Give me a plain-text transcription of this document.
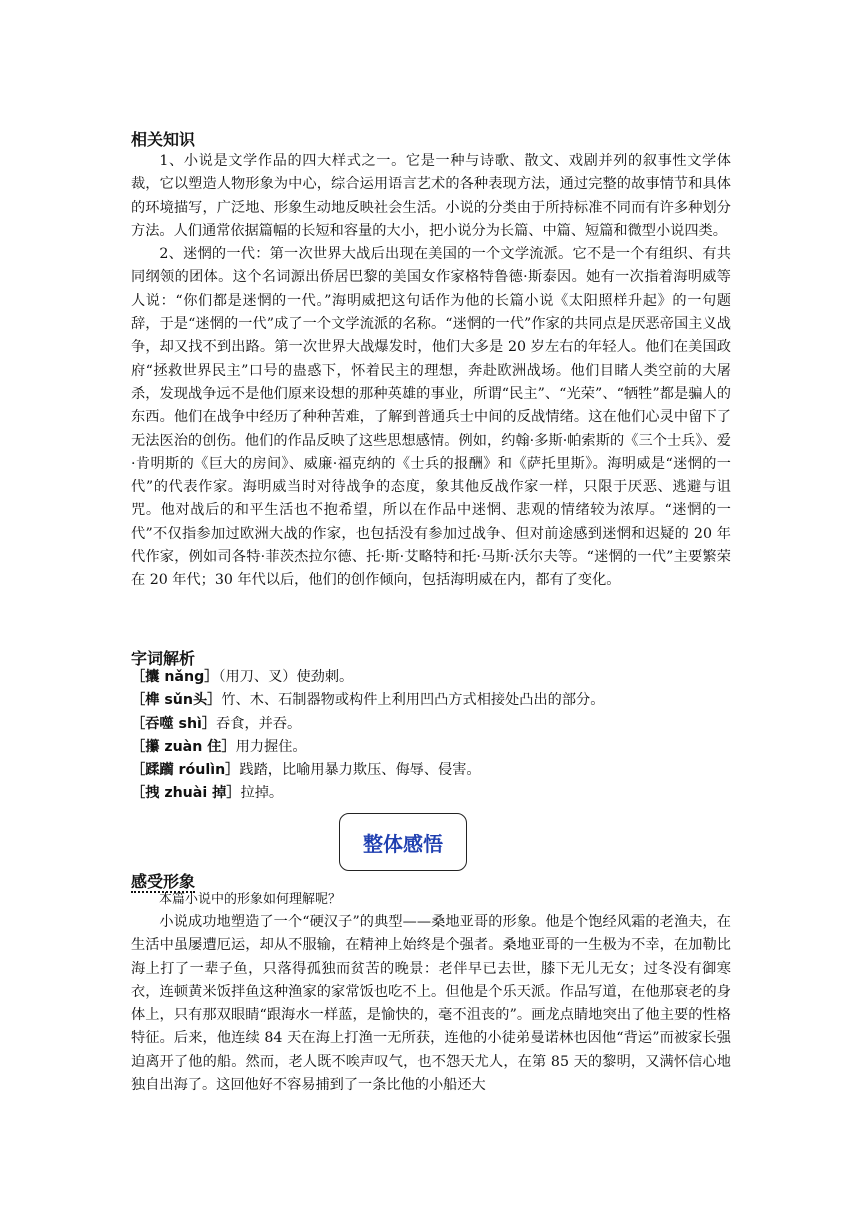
相关知识

1、小说是文学作品的四大样式之一。它是一种与诗歌、散文、戏剧并列的叙事性文学体裁，它以塑造人物形象为中心，综合运用语言艺术的各种表现方法，通过完整的故事情节和具体的环境描写，广泛地、形象生动地反映社会生活。小说的分类由于所持标准不同而有许多种划分方法。人们通常依据篇幅的长短和容量的大小，把小说分为长篇、中篇、短篇和微型小说四类。

2、迷惘的一代：第一次世界大战后出现在美国的一个文学流派。它不是一个有组织、有共同纲领的团体。这个名词源出侨居巴黎的美国女作家格特鲁德·斯泰因。她有一次指着海明威等人说：“你们都是迷惘的一代。”海明威把这句话作为他的长篇小说《太阳照样升起》的一句题辞，于是“迷惘的一代”成了一个文学流派的名称。“迷惘的一代”作家的共同点是厌恶帝国主义战争，却又找不到出路。第一次世界大战爆发时，他们大多是 20 岁左右的年轻人。他们在美国政府“拯救世界民主”口号的蛊惑下，怀着民主的理想，奔赴欧洲战场。他们目睹人类空前的大屠杀，发现战争远不是他们原来设想的那种英雄的事业，所谓“民主”、“光荣”、“牺牲”都是骗人的东西。他们在战争中经历了种种苦难，了解到普通兵士中间的反战情绪。这在他们心灵中留下了无法医治的创伤。他们的作品反映了这些思想感情。例如，约翰·多斯·帕索斯的《三个士兵》、爱·肯明斯的《巨大的房间》、威廉·福克纳的《士兵的报酬》和《萨托里斯》。海明威是“迷惘的一代”的代表作家。海明威当时对待战争的态度，象其他反战作家一样，只限于厌恶、逃避与诅咒。他对战后的和平生活也不抱希望，所以在作品中迷惘、悲观的情绪较为浓厚。“迷惘的一代”不仅指参加过欧洲大战的作家，也包括没有参加过战争、但对前途感到迷惘和迟疑的 20 年代作家，例如司各特·菲茨杰拉尔德、托·斯·艾略特和托·马斯·沃尔夫等。“迷惘的一代”主要繁荣在 20 年代；30 年代以后，他们的创作倾向，包括海明威在内，都有了变化。

字词解析
［攮 nǎng］（用刀、叉）使劲刺。
［榫 sǔn头］竹、木、石制器物或构件上利用凹凸方式相接处凸出的部分。
［吞噬 shì］吞食，并吞。
［攥 zuàn 住］用力握住。
［蹂躏 róulìn］践踏，比喻用暴力欺压、侮辱、侵害。
［拽 zhuài 掉］拉掉。
整体感悟
感受形象
本篇小说中的形象如何理解呢？

小说成功地塑造了一个“硬汉子”的典型——桑地亚哥的形象。他是个饱经风霜的老渔夫，在生活中虽屡遭厄运，却从不服输，在精神上始终是个强者。桑地亚哥的一生极为不幸，在加勒比海上打了一辈子鱼，只落得孤独而贫苦的晚景：老伴早已去世，膝下无儿无女；过冬没有御寒衣，连顿黄米饭拌鱼这种渔家的家常饭也吃不上。但他是个乐天派。作品写道，在他那衰老的身体上，只有那双眼睛“跟海水一样蓝，是愉快的，毫不沮丧的”。画龙点睛地突出了他主要的性格特征。后来，他连续 84 天在海上打渔一无所获，连他的小徒弟曼诺林也因他“背运”而被家长强迫离开了他的船。然而，老人既不唉声叹气，也不怨天尤人，在第 85 天的黎明，又满怀信心地独自出海了。这回他好不容易捕到了一条比他的小船还大
